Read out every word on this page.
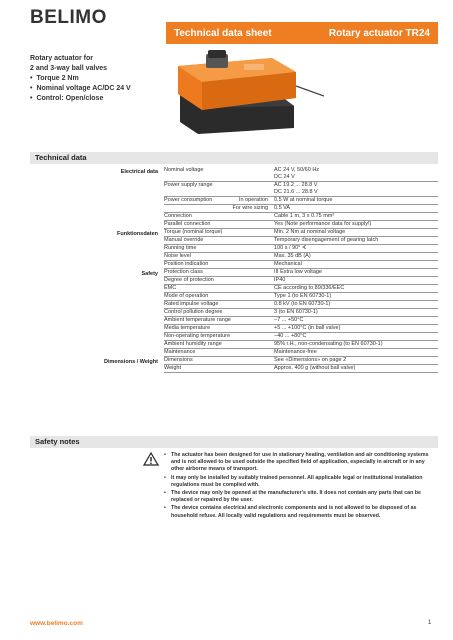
BELIMO
Technical data sheet	Rotary actuator TR24
Rotary actuator for
2 and 3-way ball valves
• Torque 2 Nm
• Nominal voltage AC/DC 24 V
• Control: Open/close
Technical data
Electrical data	Nominal voltage	AC 24 V, 50/60 Hz
DC 24 V
Power supply range	AC 19.2 ... 28.8 V
DC 21.6 ... 28.8 V
Power consumption	In operation 0.5 W at nominal torque
For wire sizing	0.5 VA
Connection	Cable 1 m, 3 x 0.75 mm²
Parallel connection	Yes (Note performance data for supply!)
Funktionsdaten	Torque (nominal torque)	Min. 2 Nm at nominal voltage
Manual override	Temporary disengagement of gearing latch
Running time	100 s / 90° ∢
Noise level	Max. 35 dB (A)
Position indication	Mechanical
Safety	Protection class	III Extra low voltage
Degree of protection	IP40
EMC	CE according to 89/336/EEC
Mode of operation	Type 1 (to EN 60730-1)
Rated impulse voltage	0.8 kV (to EN 60730-1)
Control pollution degree	3 (to EN 60730-1)
Ambient temperature range	−7 ... +50°C
Media temperature	+5 ... +100°C (in ball valve)
Non-operating temperature	−40 ... +80°C
Ambient humidity range	95% r.H., non-condensating (to EN 60730-1)
Maintenance	Maintenance-free
Dimensions / Weight	Dimensions	See «Dimensions» on page 2
Weight	Approx. 400 g (without ball valve)
Safety notes
• The actuator has been designed for use in stationary heating, ventilation and air conditioning systems and is not allowed to be used outside the specified field of application, especially in aircraft or in any other airborne means of transport.
• It may only be installed by suitably trained personnel. All applicable legal or institutional installation regulations must be complied with.
• The device may only be opened at the manufacturer's site. It does not contain any parts that can be replaced or repaired by the user.
• The device contains electrical and electronic components and is not allowed to be disposed of as household refuse. All locally valid regulations and requirements must be observed.
www.belimo.com	1
